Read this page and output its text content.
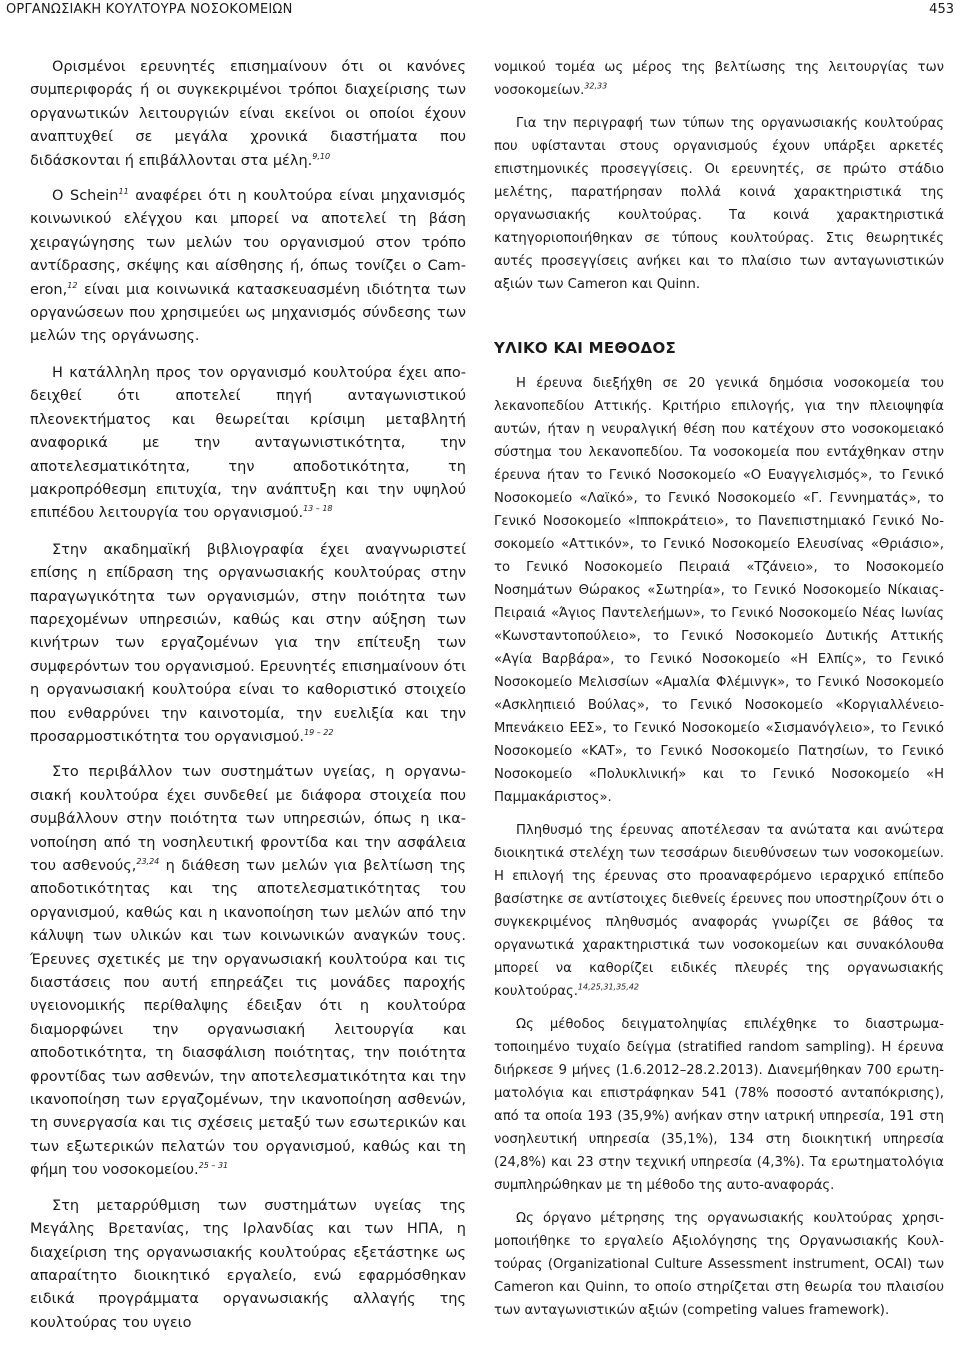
ΟΡΓΑΝΩΣΙΑΚΗ ΚΟΥΛΤΟΥΡΑ ΝΟΣΟΚΟΜΕΙΩΝ	453

Ορισμένοι ερευνητές επισημαίνουν ότι οι κανόνες συμπεριφοράς ή οι συγκεκριμένοι τρόποι διαχείρισης των οργανωτικών λειτουργιών είναι εκείνοι οι οποίοι έχουν αναπτυχθεί σε μεγάλα χρονικά διαστήματα που διδάσκονται ή επιβάλλονται στα μέλη.$^{9,10}$

Ο Schein$^{11}$ αναφέρει ότι η κουλτούρα είναι μηχανισμός κοινωνικού ελέγχου και μπορεί να αποτελεί τη βάση χειραγώγησης των μελών του οργανισμού στον τρόπο αντίδρασης, σκέψης και αίσθησης ή, όπως τονίζει ο Cameron,$^{12}$ είναι μια κοινωνικά κατασκευασμένη ιδιότητα των οργανώσεων που χρησιμεύει ως μηχανισμός σύνδεσης των μελών της οργάνωσης.

Η κατάλληλη προς τον οργανισμό κουλτούρα έχει αποδειχθεί ότι αποτελεί πηγή ανταγωνιστικού πλεονεκτήματος και θεωρείται κρίσιμη μεταβλητή αναφορικά με την ανταγωνιστικότητα, την αποτελεσματικότητα, την αποδοτικότητα, τη μακροπρόθεσμη επιτυχία, την ανάπτυξη και την υψηλού επιπέδου λειτουργία του οργανισμού.$^{13 - 18}$

Στην ακαδημαϊκή βιβλιογραφία έχει αναγνωριστεί επίσης η επίδραση της οργανωσιακής κουλτούρας στην παραγωγικότητα των οργανισμών, στην ποιότητα των παρεχομένων υπηρεσιών, καθώς και στην αύξηση των κινήτρων των εργαζομένων για την επίτευξη των συμφερόντων του οργανισμού. Ερευνητές επισημαίνουν ότι η οργανωσιακή κουλτούρα είναι το καθοριστικό στοιχείο που ενθαρρύνει την καινοτομία, την ευελιξία και την προσαρμοστικότητα του οργανισμού.$^{19 - 22}$

Στο περιβάλλον των συστημάτων υγείας, η οργανωσιακή κουλτούρα έχει συνδεθεί με διάφορα στοιχεία που συμβάλλουν στην ποιότητα των υπηρεσιών, όπως η ικανοποίηση από τη νοσηλευτική φροντίδα και την ασφάλεια του ασθενούς,$^{23,24}$ η διάθεση των μελών για βελτίωση της αποδοτικότητας και της αποτελεσματικότητας του οργανισμού, καθώς και η ικανοποίηση των μελών από την κάλυψη των υλικών και των κοινωνικών αναγκών τους. Έρευνες σχετικές με την οργανωσιακή κουλτούρα και τις διαστάσεις που αυτή επηρεάζει τις μονάδες παροχής υγειονομικής περίθαλψης έδειξαν ότι η κουλτούρα διαμορφώνει την οργανωσιακή λειτουργία και αποδοτικότητα, τη διασφάλιση ποιότητας, την ποιότητα φροντίδας των ασθενών, την αποτελεσματικότητα και την ικανοποίηση των εργαζομένων, την ικανοποίηση ασθενών, τη συνεργασία και τις σχέσεις μεταξύ των εσωτερικών και των εξωτερικών πελατών του οργανισμού, καθώς και τη φήμη του νοσοκομείου.$^{25 - 31}$

Στη μεταρρύθμιση των συστημάτων υγείας της Μεγάλης Βρετανίας, της Ιρλανδίας και των ΗΠΑ, η διαχείριση της οργανωσιακής κουλτούρας εξετάστηκε ως απαραίτητο διοικητικό εργαλείο, ενώ εφαρμόσθηκαν ειδικά προγράμματα οργανωσιακής αλλαγής της κουλτούρας του υγειο

νομικού τομέα ως μέρος της βελτίωσης της λειτουργίας των νοσοκομείων.$^{32,33}$

Για την περιγραφή των τύπων της οργανωσιακής κουλτούρας που υφίστανται στους οργανισμούς έχουν υπάρξει αρκετές επιστημονικές προσεγγίσεις. Οι ερευνητές, σε πρώτο στάδιο μελέτης, παρατήρησαν πολλά κοινά χαρακτηριστικά της οργανωσιακής κουλτούρας. Τα κοινά χαρακτηριστικά κατηγοριοποιήθηκαν σε τύπους κουλτούρας. Στις θεωρητικές αυτές προσεγγίσεις ανήκει και το πλαίσιο των ανταγωνιστικών αξιών των Cameron και Quinn.

ΥΛΙΚΟ ΚΑΙ ΜΕΘΟΔΟΣ

Η έρευνα διεξήχθη σε 20 γενικά δημόσια νοσοκομεία του λεκανοπεδίου Αττικής. Κριτήριο επιλογής, για την πλειοψηφία αυτών, ήταν η νευραλγική θέση που κατέχουν στο νοσοκομειακό σύστημα του λεκανοπεδίου. Τα νοσοκομεία που εντάχθηκαν στην έρευνα ήταν το Γενικό Νοσοκομείο «Ο Ευαγγελισμός», το Γενικό Νοσοκομείο «Λαϊκό», το Γενικό Νοσοκομείο «Γ. Γεννηματάς», το Γενικό Νοσοκομείο «Ιπποκράτειο», το Πανεπιστημιακό Γενικό Νοσοκομείο «Αττικόν», το Γενικό Νοσοκομείο Ελευσίνας «Θριάσιο», το Γενικό Νοσοκομείο Πειραιά «Τζάνειο», το Νοσοκομείο Νοσημάτων Θώρακος «Σωτηρία», το Γενικό Νοσοκομείο Νίκαιας-Πειραιά «Άγιος Παντελεήμων», το Γενικό Νοσοκομείο Νέας Ιωνίας «Κωνσταντοπούλειο», το Γενικό Νοσοκομείο Δυτικής Αττικής «Αγία Βαρβάρα», το Γενικό Νοσοκομείο «Η Ελπίς», το Γενικό Νοσοκομείο Μελισσίων «Αμαλία Φλέμινγκ», το Γενικό Νοσοκομείο «Ασκληπιειό Βούλας», το Γενικό Νοσοκομείο «Κοργιαλλένειο-Μπενάκειο ΕΕΣ», το Γενικό Νοσοκομείο «Σισμανόγλειο», το Γενικό Νοσοκομείο «ΚΑΤ», το Γενικό Νοσοκομείο Πατησίων, το Γενικό Νοσοκομείο «Πολυκλινική» και το Γενικό Νοσοκομείο «Η Παμμακάριστος».

Πληθυσμό της έρευνας αποτέλεσαν τα ανώτατα και ανώτερα διοικητικά στελέχη των τεσσάρων διευθύνσεων των νοσοκομείων. Η επιλογή της έρευνας στο προαναφερόμενο ιεραρχικό επίπεδο βασίστηκε σε αντίστοιχες διεθνείς έρευνες που υποστηρίζουν ότι ο συγκεκριμένος πληθυσμός αναφοράς γνωρίζει σε βάθος τα οργανωτικά χαρακτηριστικά των νοσοκομείων και συνακόλουθα μπορεί να καθορίζει ειδικές πλευρές της οργανωσιακής κουλτούρας.$^{14,25,31,35,42}$

Ως μέθοδος δειγματοληψίας επιλέχθηκε το διαστρωματοποιημένο τυχαίο δείγμα (stratified random sampling). Η έρευνα διήρκεσε 9 μήνες (1.6.2012–28.2.2013). Διανεμήθηκαν 700 ερωτηματολόγια και επιστράφηκαν 541 (78% ποσοστό ανταπόκρισης), από τα οποία 193 (35,9%) ανήκαν στην ιατρική υπηρεσία, 191 στη νοσηλευτική υπηρεσία (35,1%), 134 στη διοικητική υπηρεσία (24,8%) και 23 στην τεχνική υπηρεσία (4,3%). Τα ερωτηματολόγια συμπληρώθηκαν με τη μέθοδο της αυτο-αναφοράς.

Ως όργανο μέτρησης της οργανωσιακής κουλτούρας χρησιμοποιήθηκε το εργαλείο Αξιολόγησης της Οργανωσιακής Κουλτούρας (Organizational Culture Assessment instrument, OCAI) των Cameron και Quinn, το οποίο στηρίζεται στη θεωρία του πλαισίου των ανταγωνιστικών αξιών (competing values framework).
